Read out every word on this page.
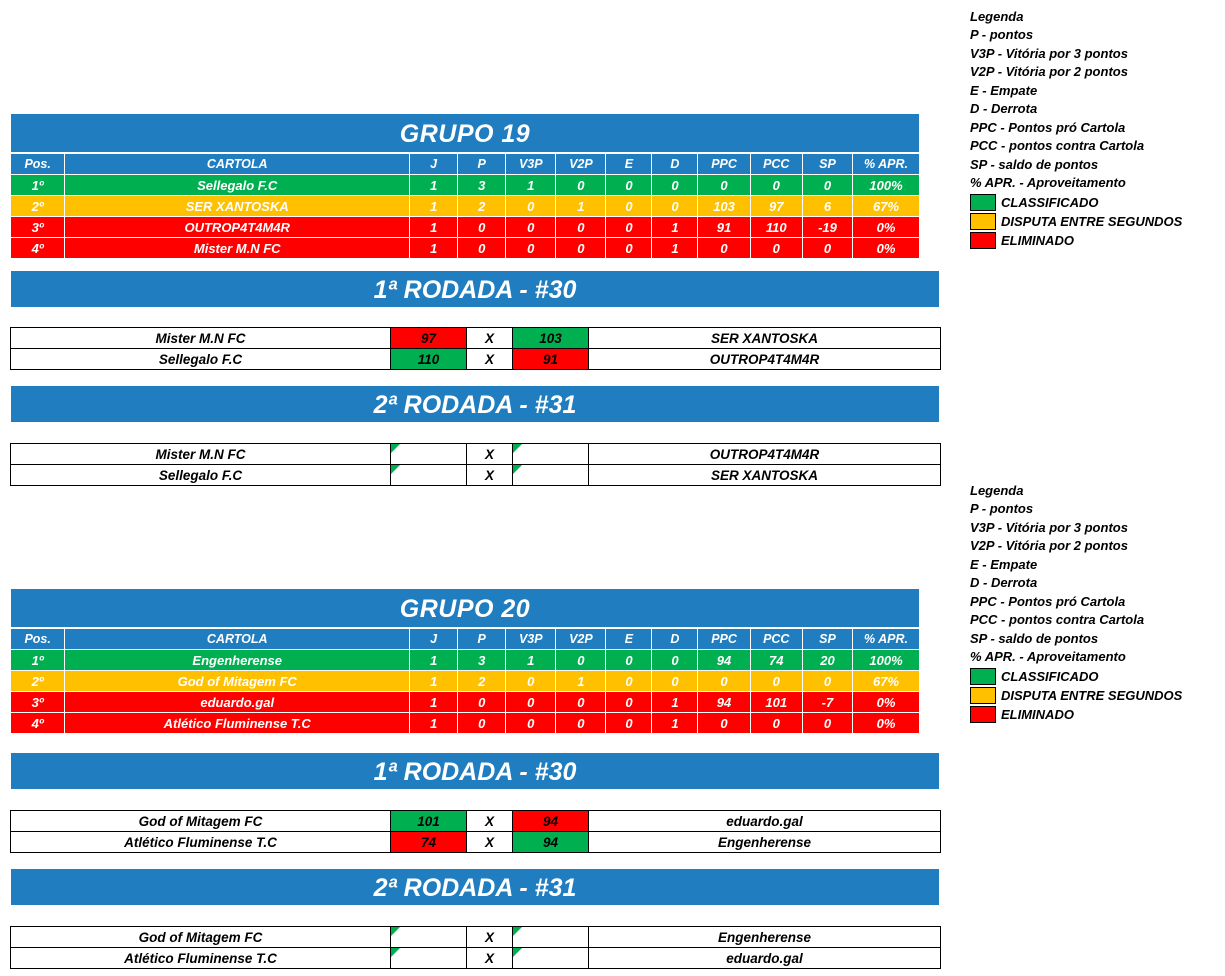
Legenda
P - pontos
V3P - Vitória por 3 pontos
V2P - Vitória por 2 pontos
E - Empate
D - Derrota
PPC - Pontos pró Cartola
PCC - pontos contra Cartola
SP - saldo de pontos
% APR. - Aproveitamento
CLASSIFICADO
DISPUTA ENTRE SEGUNDOS
ELIMINADO
Legenda
P - pontos
V3P - Vitória por 3 pontos
V2P - Vitória por 2 pontos
E - Empate
D - Derrota
PPC - Pontos pró Cartola
PCC - pontos contra Cartola
SP - saldo de pontos
% APR. - Aproveitamento
CLASSIFICADO
DISPUTA ENTRE SEGUNDOS
ELIMINADO
GRUPO 19
Pos.	CARTOLA	J	P	V3P	V2P	E	D	PPC	PCC	SP	% APR.
1º	Sellegalo F.C	1	3	1	0	0	0	0	0	0	100%
2º	SER XANTOSKA	1	2	0	1	0	0	103	97	6	67%
3º	OUTROP4T4M4R	1	0	0	0	0	1	91	110	-19	0%
4º	Mister M.N FC	1	0	0	0	0	1	0	0	0	0%
1ª RODADA - #30
Mister M.N FC	97	X	103	SER XANTOSKA
Sellegalo F.C	110	X	91	OUTROP4T4M4R
2ª RODADA - #31
Mister M.N FC		X		OUTROP4T4M4R
Sellegalo F.C		X		SER XANTOSKA
GRUPO 20
Pos.	CARTOLA	J	P	V3P	V2P	E	D	PPC	PCC	SP	% APR.
1º	Engenherense	1	3	1	0	0	0	94	74	20	100%
2º	God of Mitagem FC	1	2	0	1	0	0	0	0	0	67%
3º	eduardo.gal	1	0	0	0	0	1	94	101	-7	0%
4º	Atlético Fluminense T.C	1	0	0	0	0	1	0	0	0	0%
1ª RODADA - #30
God of Mitagem FC	101	X	94	eduardo.gal
Atlético Fluminense T.C	74	X	94	Engenherense
2ª RODADA - #31
God of Mitagem FC		X		Engenherense
Atlético Fluminense T.C		X		eduardo.gal
